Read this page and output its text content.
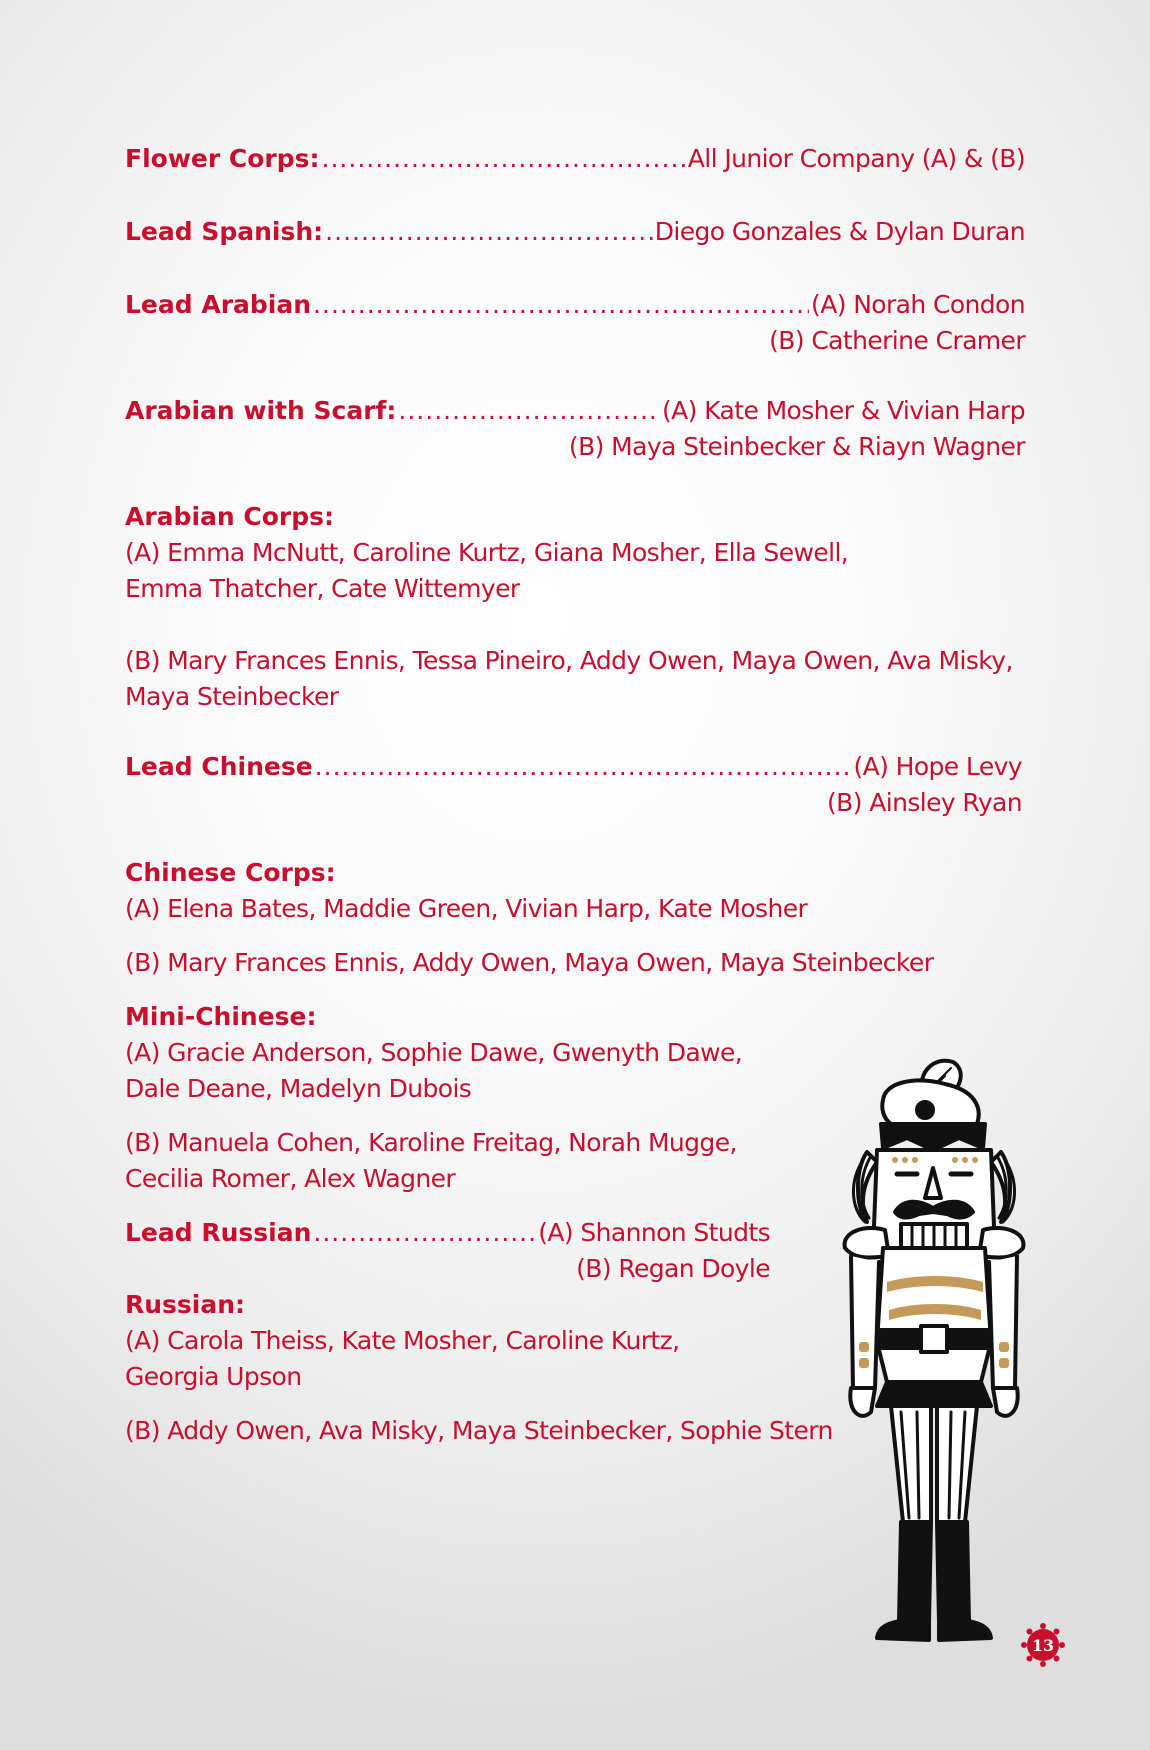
Flower Corps: .....	All Junior Company (A) & (B)
Lead Spanish: .....	Diego Gonzales & Dylan Duran
Lead Arabian .....	(A) Norah Condon
(B) Catherine Cramer
Arabian with Scarf: .....	(A) Kate Mosher & Vivian Harp
(B) Maya Steinbecker & Riayn Wagner
Arabian Corps:
(A) Emma McNutt, Caroline Kurtz, Giana Mosher, Ella Sewell,
Emma Thatcher, Cate Wittemyer
(B) Mary Frances Ennis, Tessa Pineiro, Addy Owen, Maya Owen, Ava Misky,
Maya Steinbecker
Lead Chinese .....	(A) Hope Levy
(B) Ainsley Ryan
Chinese Corps:
(A) Elena Bates, Maddie Green, Vivian Harp, Kate Mosher
(B) Mary Frances Ennis, Addy Owen, Maya Owen, Maya Steinbecker
Mini-Chinese:
(A) Gracie Anderson, Sophie Dawe, Gwenyth Dawe,
Dale Deane, Madelyn Dubois
(B) Manuela Cohen, Karoline Freitag, Norah Mugge,
Cecilia Romer, Alex Wagner
Lead Russian .....	(A) Shannon Studts
(B) Regan Doyle
Russian:
(A) Carola Theiss, Kate Mosher, Caroline Kurtz,
Georgia Upson
(B) Addy Owen, Ava Misky, Maya Steinbecker, Sophie Stern
13
